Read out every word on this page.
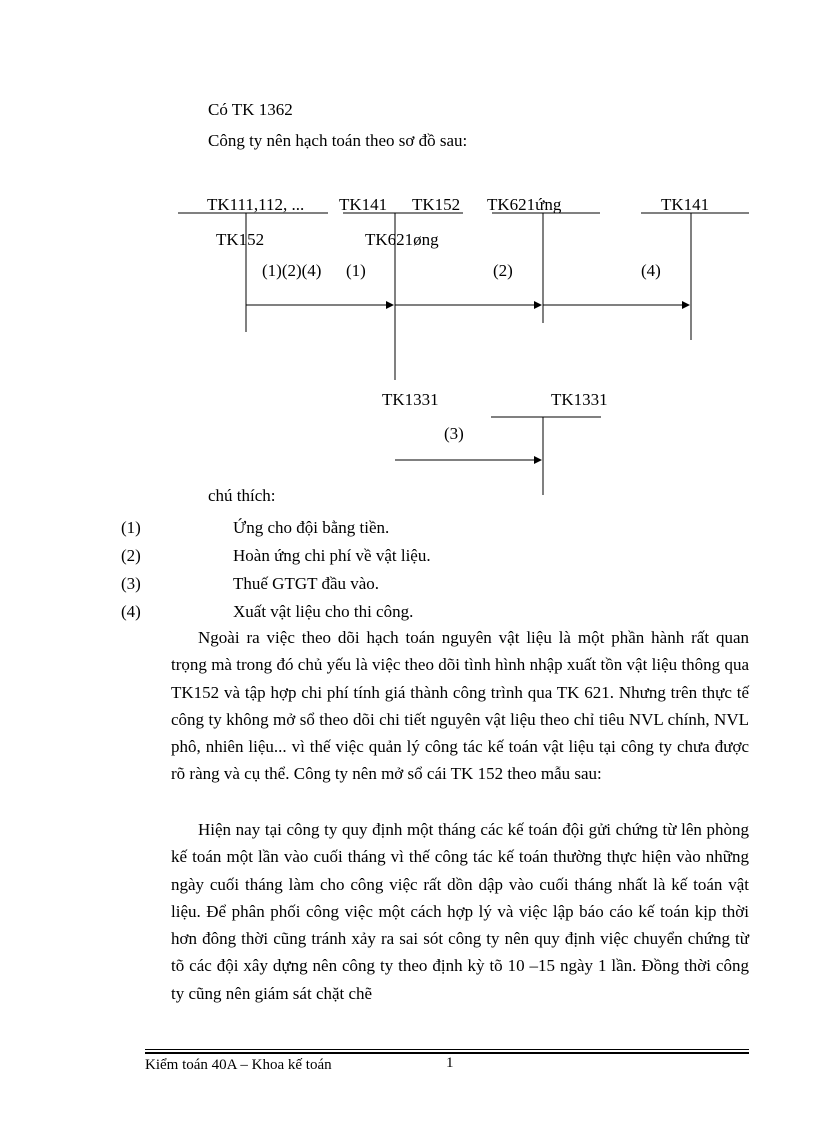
Có TK 1362
Công ty nên hạch toán theo sơ đồ sau:
TK111,112, ... TK141 TK152 TK621ứng	TK141
TK152	TK621øng
(1)(2)(4) (1)	(2)	(4)
TK1331	TK1331
(3)
chú thích:
(1)	Ứng cho đội bằng tiền.
(2)	Hoàn ứng chi phí về vật liệu.
(3)	Thuế GTGT đầu vào.
(4)	Xuất vật liệu cho thi công.

Ngoài ra việc theo dõi hạch toán nguyên vật liệu là một phần hành rất quan trọng mà trong đó chủ yếu là việc theo dõi tình hình nhập xuất tồn vật liệu thông qua TK152 và tập hợp chi phí tính giá thành công trình qua TK 621. Nhưng trên thực tế công ty không mở sổ theo dõi chi tiết nguyên vật liệu theo chỉ tiêu NVL chính, NVL phô, nhiên liệu... vì thế việc quản lý công tác kế toán vật liệu tại công ty chưa được rõ ràng và cụ thể. Công ty nên mở sổ cái TK 152 theo mẫu sau:

Hiện nay tại công ty quy định một tháng các kế toán đội gửi chứng từ lên phòng kế toán một lần vào cuối tháng vì thế công tác kế toán thường thực hiện vào những ngày cuối tháng làm cho công việc rất dồn dập vào cuối tháng nhất là kế toán vật liệu. Để phân phối công việc một cách hợp lý và việc lập báo cáo kế toán kịp thời hơn đông thời cũng tránh xảy ra sai sót công ty nên quy định việc chuyển chứng từ tõ các đội xây dựng nên công ty theo định kỳ tõ 10 –15 ngày 1 lần. Đồng thời công ty cũng nên giám sát chặt chẽ

Kiểm toán 40A – Khoa kế toán	1
